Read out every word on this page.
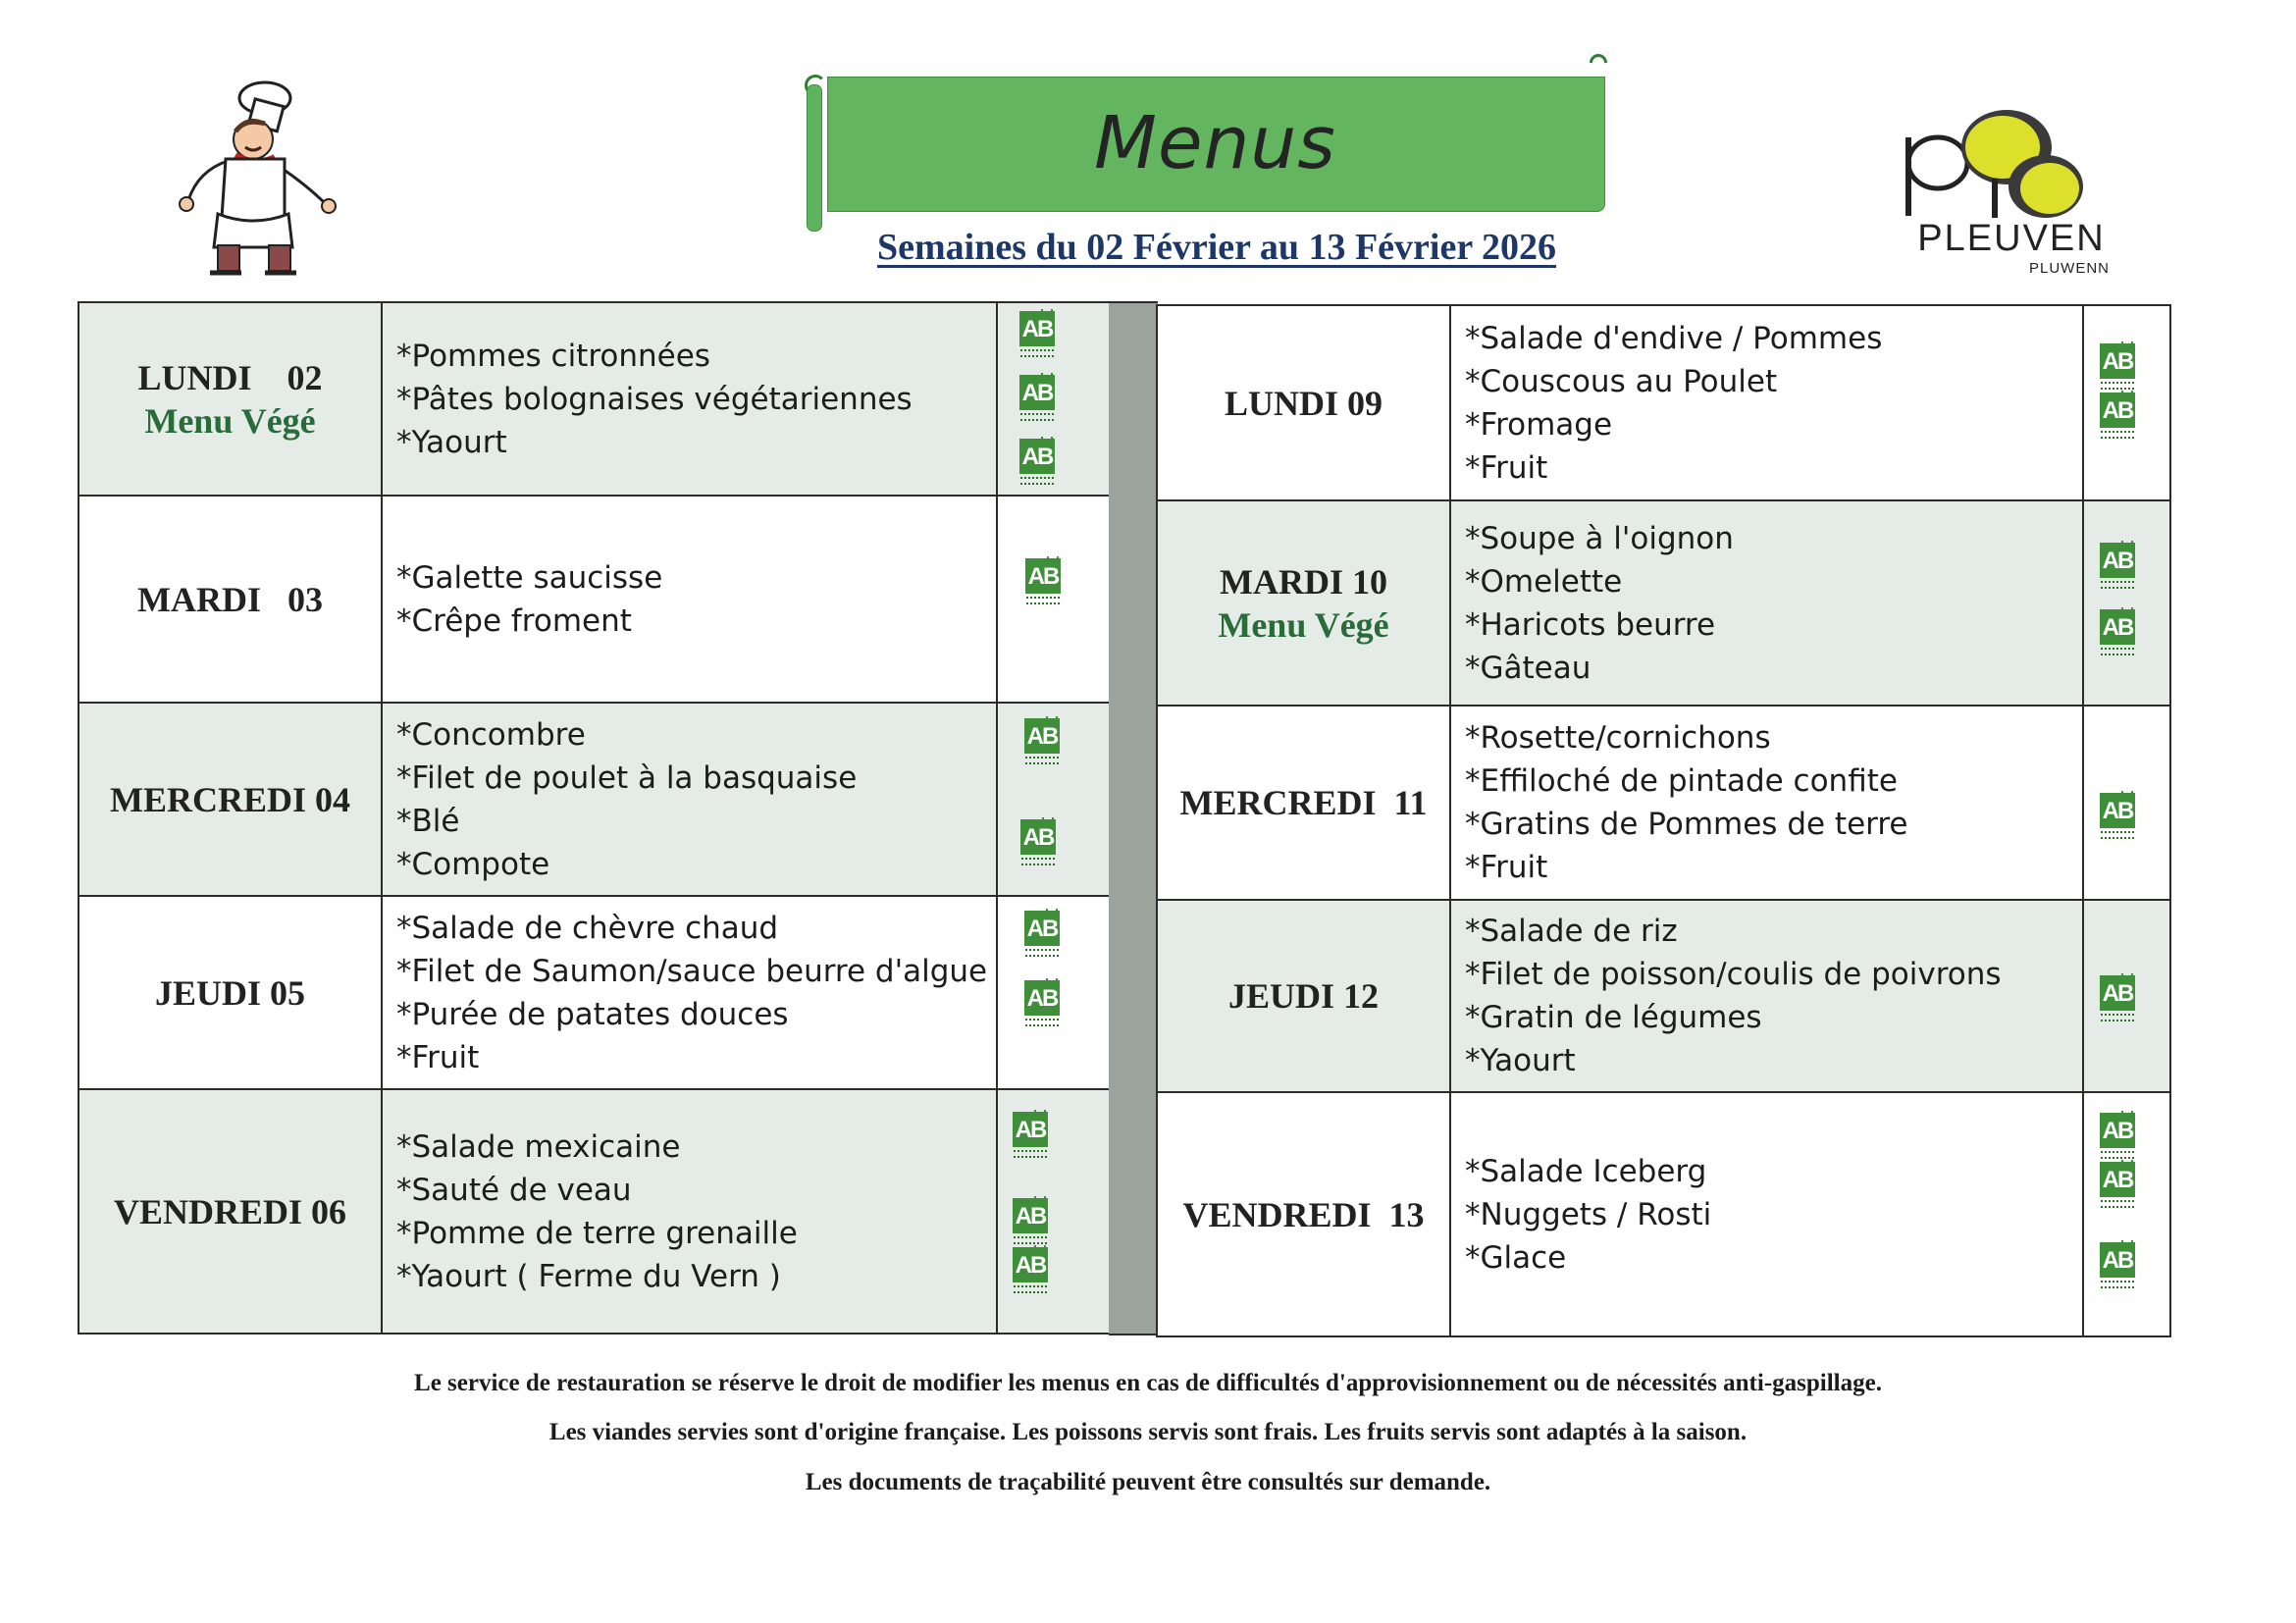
Menus
Semaines du 02 Février au 13 Février 2026	PLEUVEN
PLUWENN
LUNDI    02
Menu Végé
*Pommes citronnées
*Pâtes bolognaises végétariennes
*Yaourt
AB
AB
AB
MARDI   03
*Galette saucisse
*Crêpe froment
AB
MERCREDI 04
*Concombre
*Filet de poulet à la basquaise
*Blé
*Compote
AB
AB
JEUDI 05
*Salade de chèvre chaud
*Filet de Saumon/sauce beurre d'algue
*Purée de patates douces
*Fruit
AB
AB
VENDREDI 06
*Salade mexicaine
*Sauté de veau
*Pomme de terre grenaille
*Yaourt ( Ferme du Vern )
AB
AB
AB
LUNDI 09
*Salade d'endive / Pommes
*Couscous au Poulet
*Fromage
*Fruit
AB
AB
MARDI 10
Menu Végé
*Soupe à l'oignon
*Omelette
*Haricots beurre
*Gâteau
AB
AB
MERCREDI  11
*Rosette/cornichons
*Effiloché de pintade confite
*Gratins de Pommes de terre
*Fruit
AB
JEUDI 12
*Salade de riz
*Filet de poisson/coulis de poivrons
*Gratin de légumes
*Yaourt
AB
VENDREDI  13
*Salade Iceberg
*Nuggets / Rosti
*Glace
AB
AB
AB
Le service de restauration se réserve le droit de modifier les menus en cas de difficultés d'approvisionnement ou de nécessités anti-gaspillage.
Les viandes servies sont d'origine française. Les poissons servis sont frais. Les fruits servis sont adaptés à la saison.
Les documents de traçabilité peuvent être consultés sur demande.
